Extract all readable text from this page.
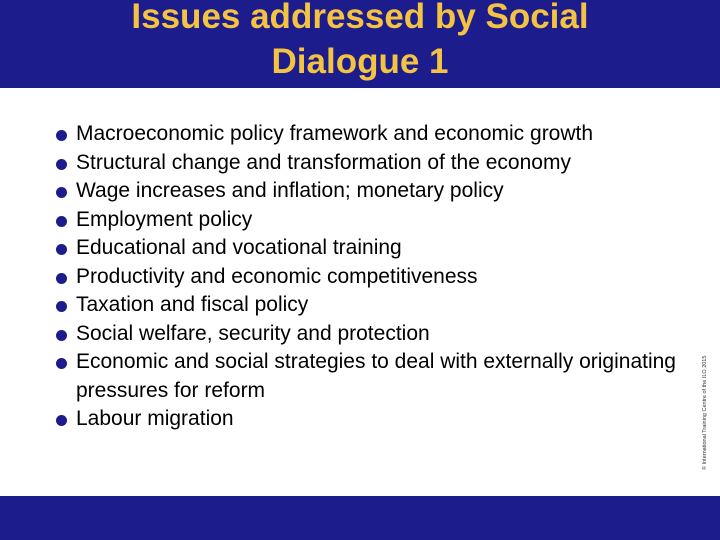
Issues addressed by Social
Dialogue 1
Macroeconomic policy framework and economic growth
Structural change and transformation of the economy
Wage increases and inflation; monetary policy
Employment policy
Educational and vocational training
Productivity and economic competitiveness
Taxation and fiscal policy
Social welfare, security and protection
Economic and social strategies to deal with externally originating pressures for reform
Labour migration	© International Training Centre of the ILO 2015
